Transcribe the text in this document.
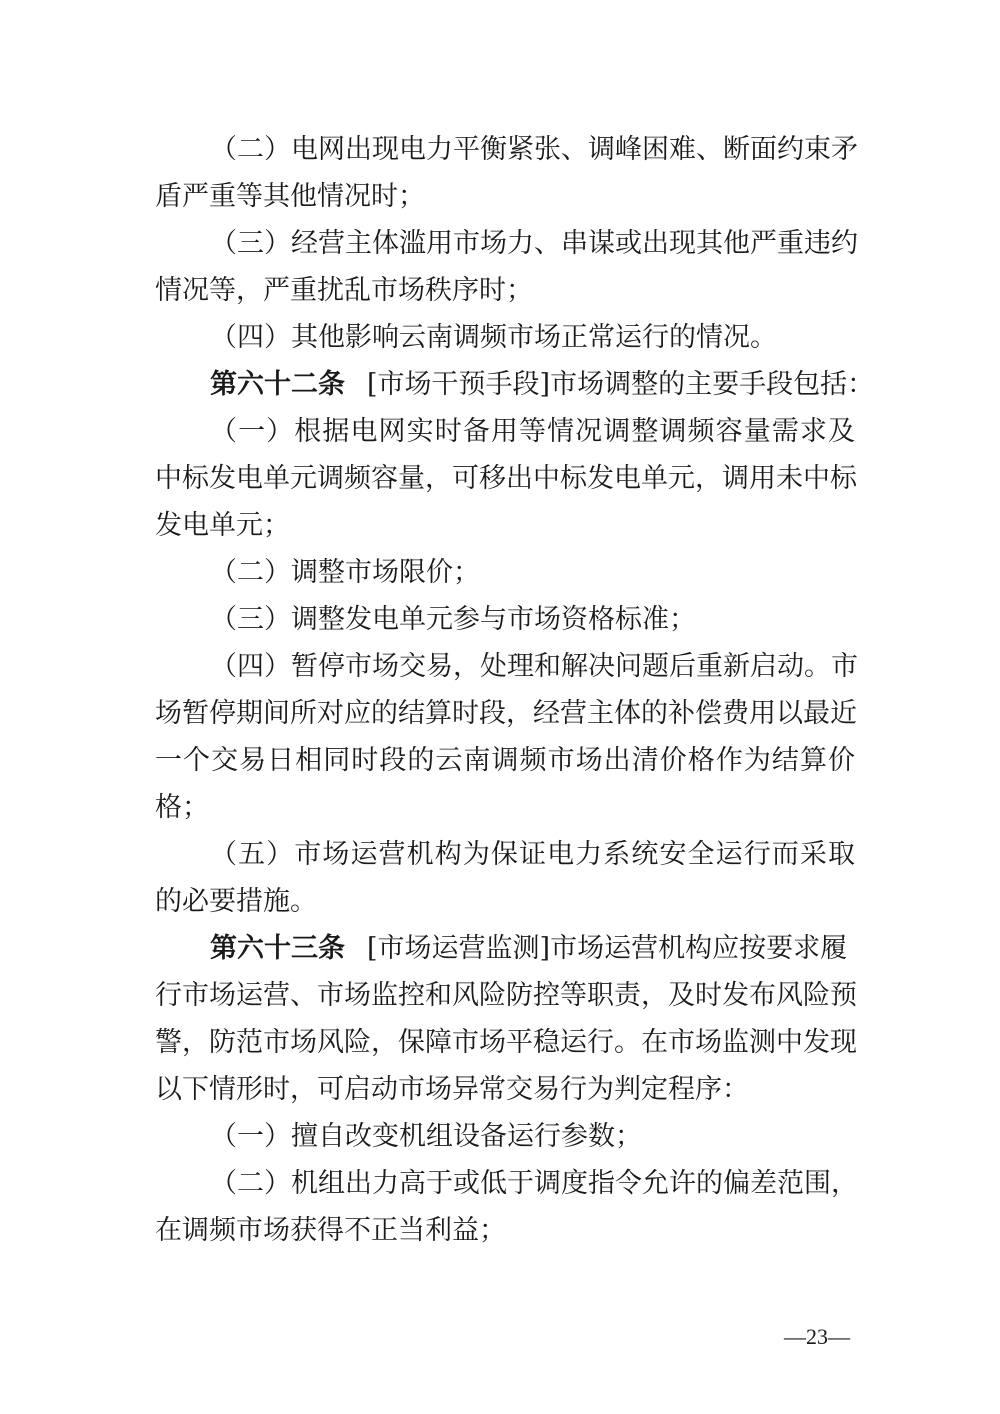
（二）电网出现电力平衡紧张、调峰困难、断面约束矛
盾严重等其他情况时；
（三）经营主体滥用市场力、串谋或出现其他严重违约
情况等，严重扰乱市场秩序时；
（四）其他影响云南调频市场正常运行的情况。
第六十二条 [市场干预手段]市场调整的主要手段包括：
（一）根据电网实时备用等情况调整调频容量需求及
中标发电单元调频容量，可移出中标发电单元，调用未中标
发电单元；
（二）调整市场限价；
（三）调整发电单元参与市场资格标准；
（四）暂停市场交易，处理和解决问题后重新启动。市
场暂停期间所对应的结算时段，经营主体的补偿费用以最近
一个交易日相同时段的云南调频市场出清价格作为结算价
格；
（五）市场运营机构为保证电力系统安全运行而采取
的必要措施。
第六十三条 [市场运营监测]市场运营机构应按要求履
行市场运营、市场监控和风险防控等职责，及时发布风险预
警，防范市场风险，保障市场平稳运行。在市场监测中发现
以下情形时，可启动市场异常交易行为判定程序：
（一）擅自改变机组设备运行参数；
（二）机组出力高于或低于调度指令允许的偏差范围，
在调频市场获得不正当利益；
—23—
